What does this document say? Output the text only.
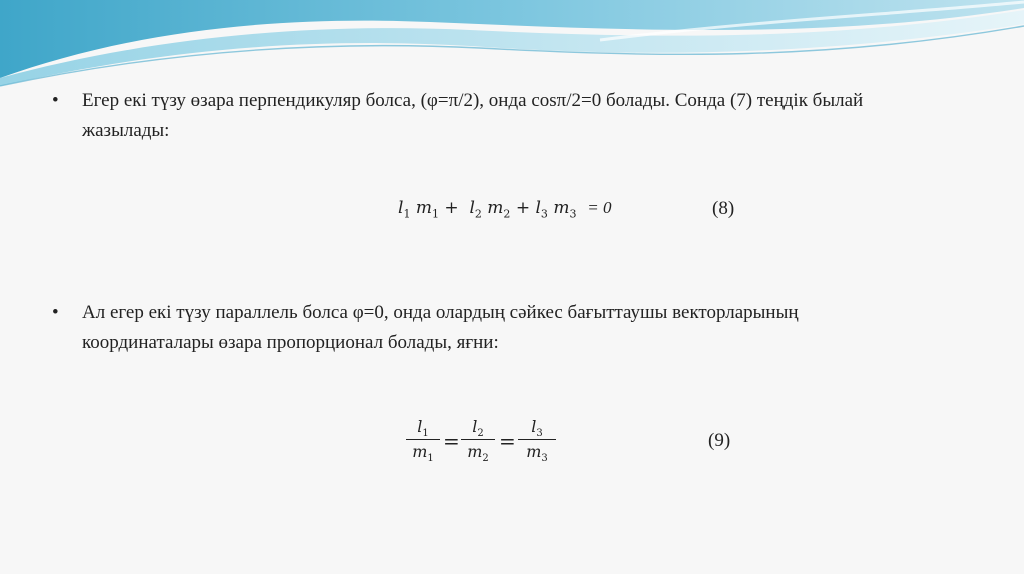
• Егер екі түзу өзара перпендикуляр болса, (φ=π/2), онда cosπ/2=0 болады. Сонда (7) теңдік былай
жазылады:
$l_1$ $m_1 + l_2$ $m_2 + l_3$ $m_3 = 0$	(8)
• Ал егер екі түзу параллель болса φ=0, онда олардың сәйкес бағыттаушы векторларының
координаталары өзара пропорционал болады, яғни:
$l_1$
$m_1$
=
$l_2$
$m_2$
=
$l_3$
$m_3$
(9)
